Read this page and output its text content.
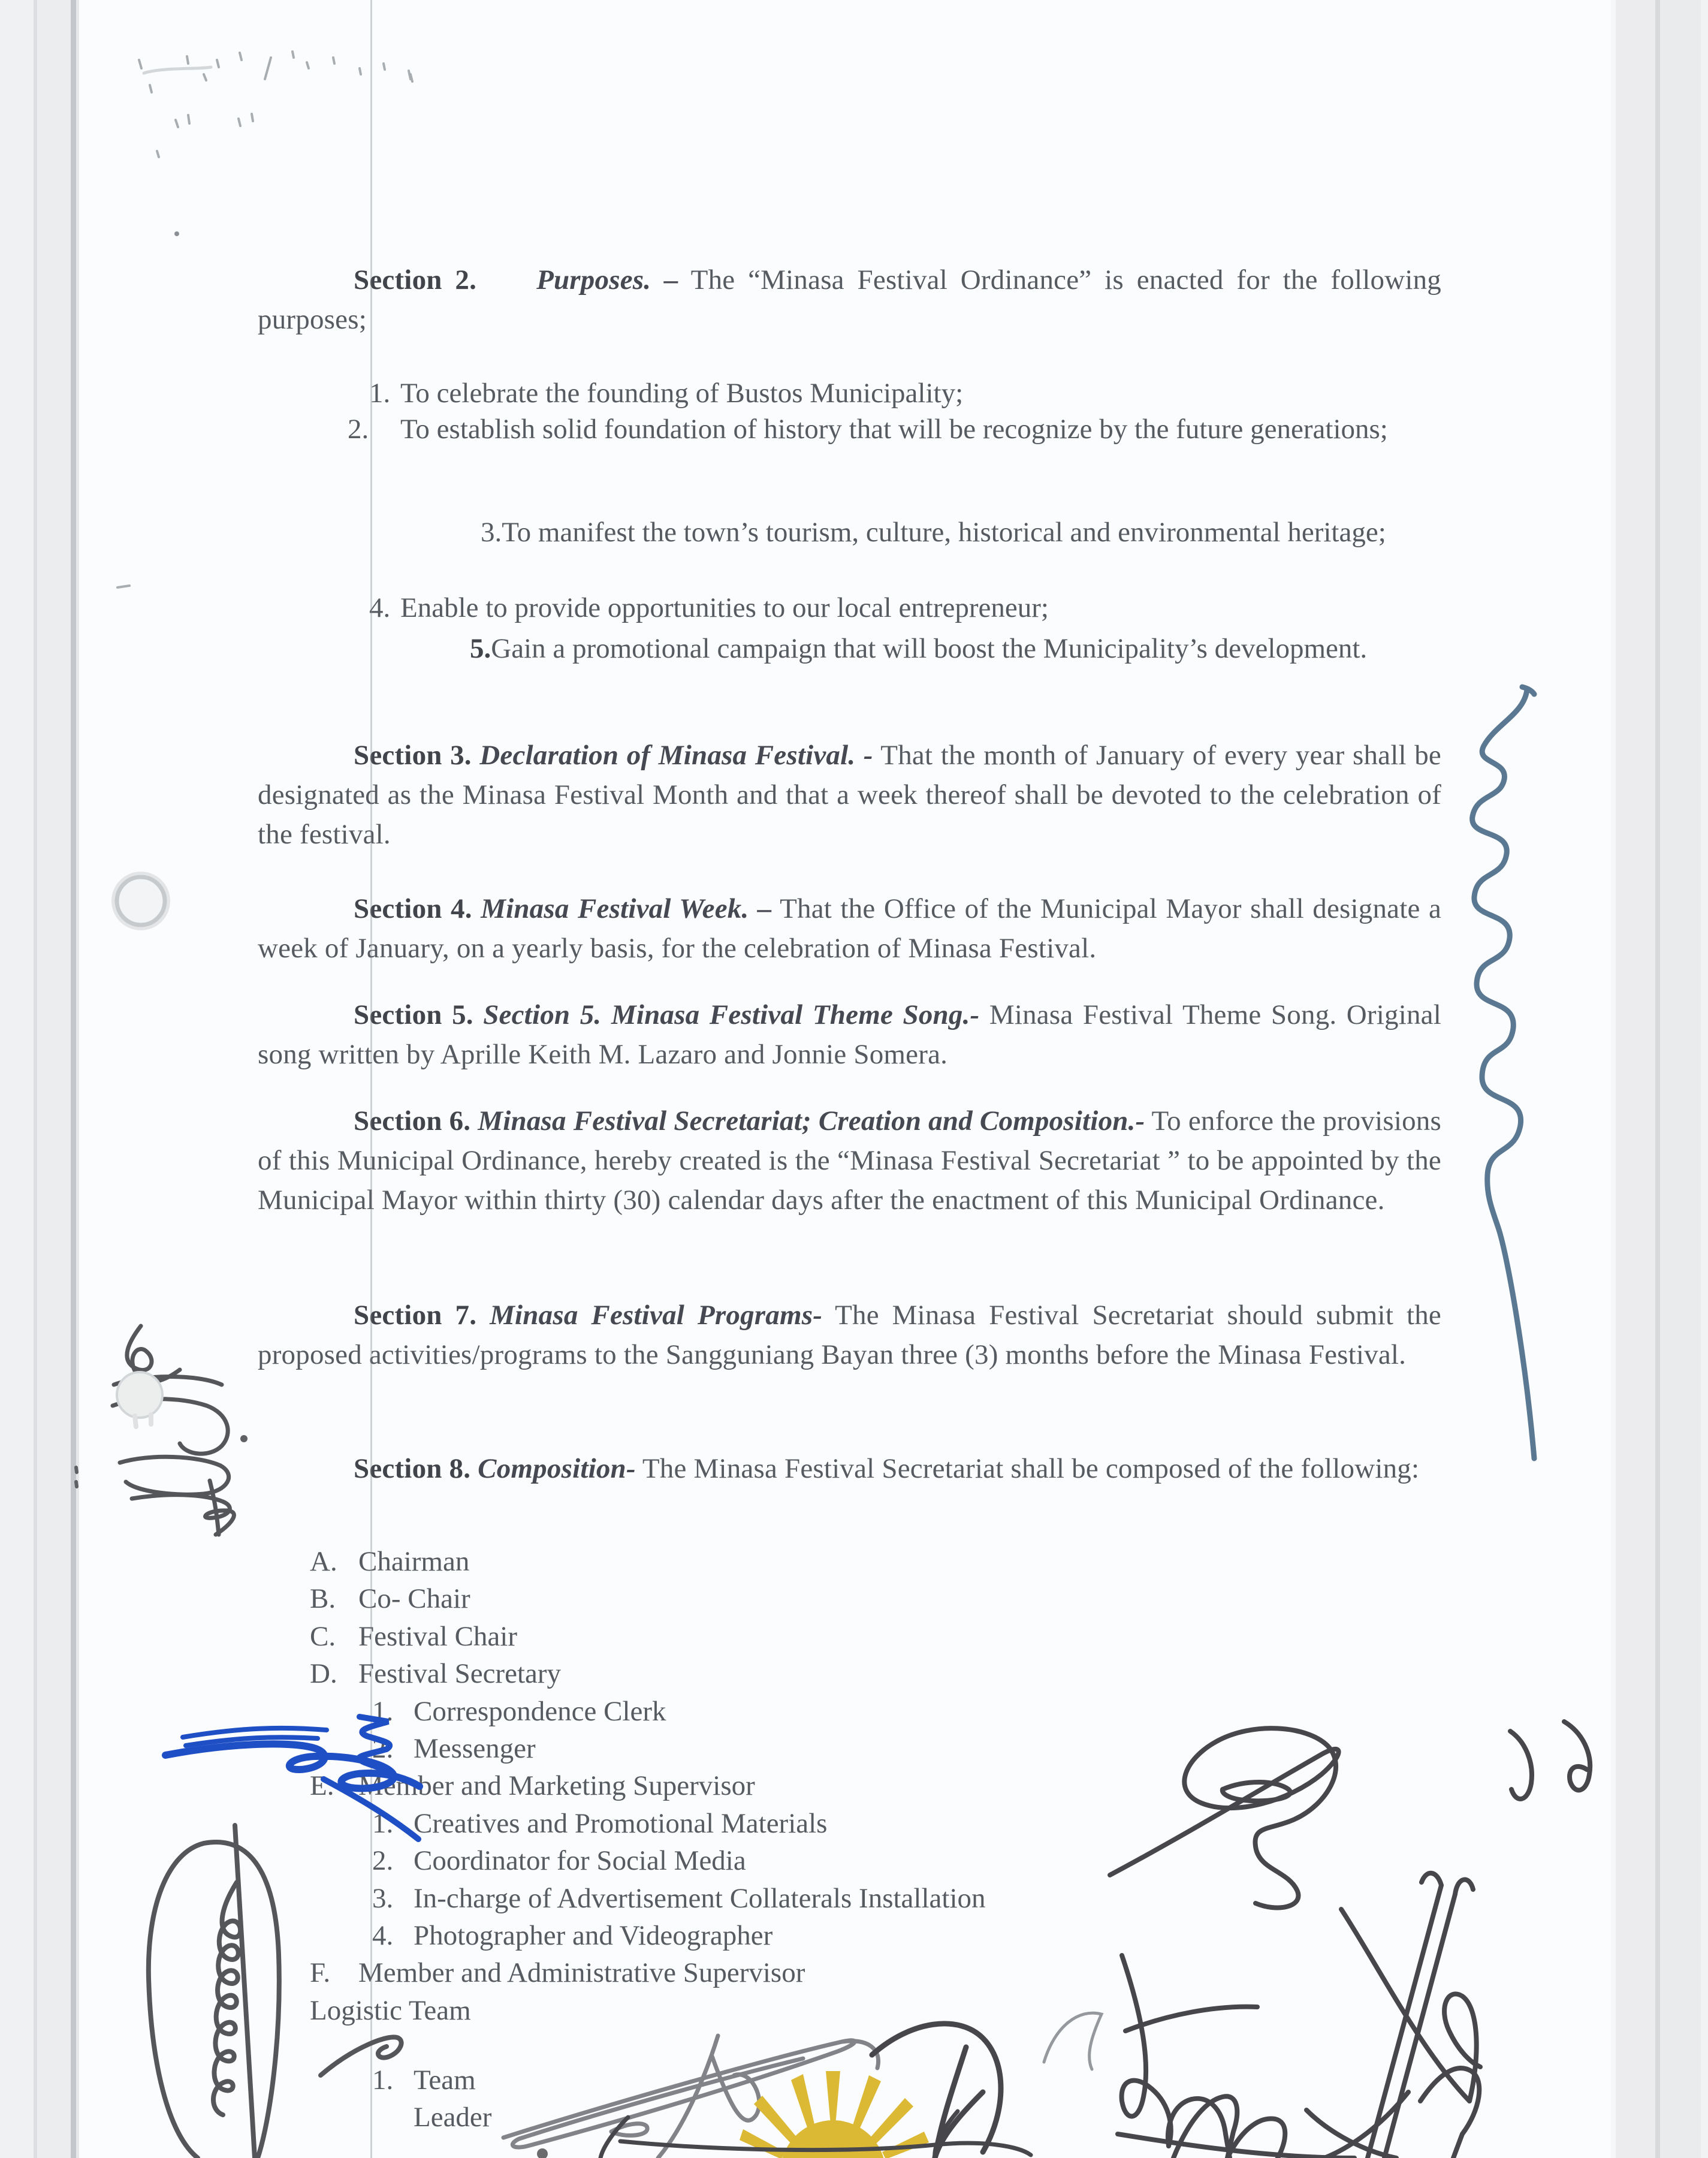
Section 2. Purposes. – The “Minasa Festival Ordinance” is enacted for the following purposes;

1. To celebrate the founding of Bustos Municipality;

2. To establish solid foundation of history that will be recognize by the future generations;

3.To manifest the town’s tourism, culture, historical and environmental heritage;

4. Enable to provide opportunities to our local entrepreneur;

5.Gain a promotional campaign that will boost the Municipality’s development.

Section 3. Declaration of Minasa Festival. - That the month of January of every year shall be designated as the Minasa Festival Month and that a week thereof shall be devoted to the celebration of the festival.

Section 4. Minasa Festival Week. – That the Office of the Municipal Mayor shall designate a week of January, on a yearly basis, for the celebration of Minasa Festival.

Section 5. Section 5. Minasa Festival Theme Song.- Minasa Festival Theme Song. Original song written by Aprille Keith M. Lazaro and Jonnie Somera.

Section 6. Minasa Festival Secretariat; Creation and Composition.- To enforce the provisions of this Municipal Ordinance, hereby created is the “Minasa Festival Secretariat ” to be appointed by the Municipal Mayor within thirty (30) calendar days after the enactment of this Municipal Ordinance.

Section 7. Minasa Festival Programs- The Minasa Festival Secretariat should submit the proposed activities/programs to the Sangguniang Bayan three (3) months before the Minasa Festival.

Section 8. Composition- The Minasa Festival Secretariat shall be composed of the following:

A. Chairman
B. Co- Chair
C. Festival Chair
D. Festival Secretary
1. Correspondence Clerk
2. Messenger
E. Member and Marketing Supervisor
1. Creatives and Promotional Materials
2. Coordinator for Social Media
3. In-charge of Advertisement Collaterals Installation
4. Photographer and Videographer
F. Member and Administrative Supervisor
Logistic Team
1. Team
Leader
